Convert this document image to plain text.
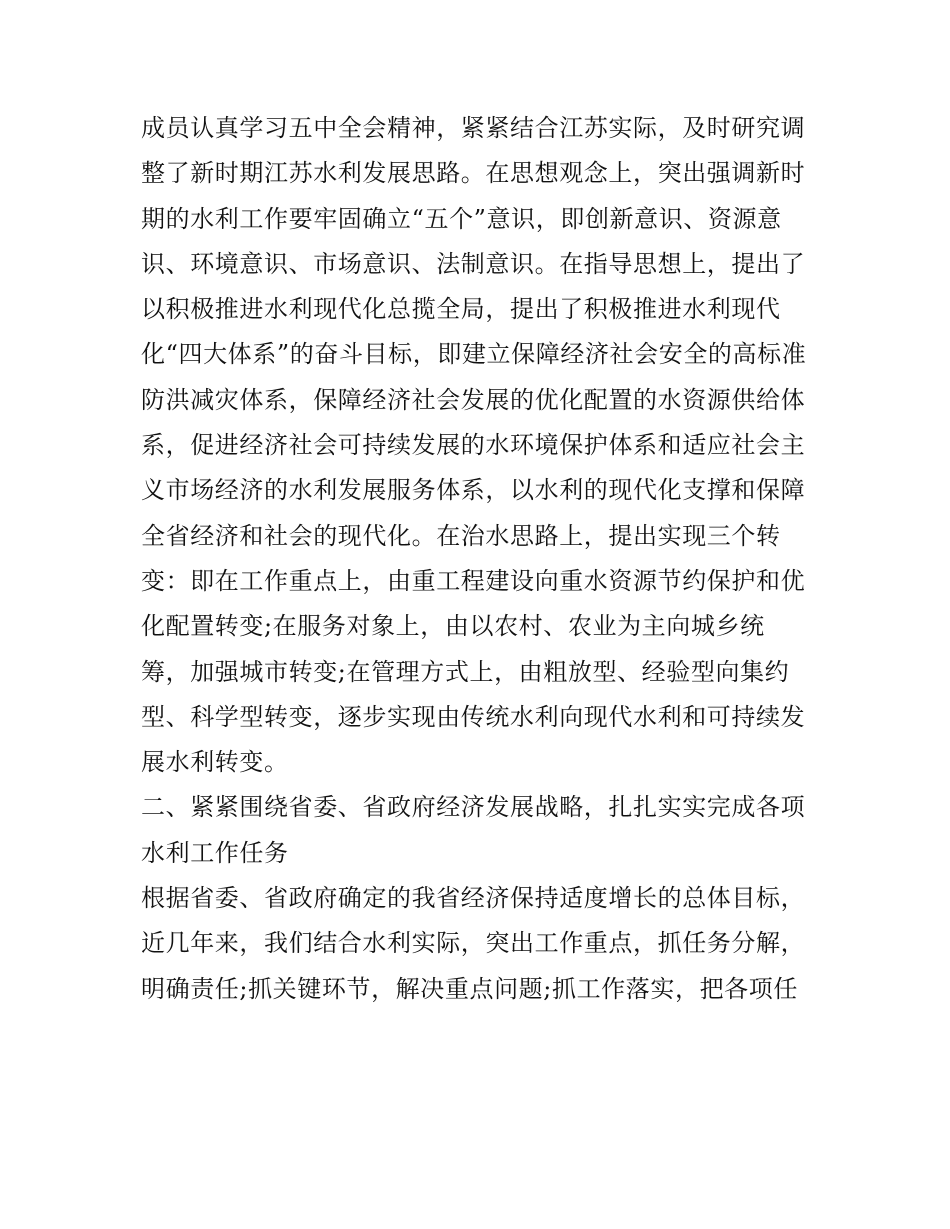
成员认真学习五中全会精神，紧紧结合江苏实际，及时研究调
整了新时期江苏水利发展思路。在思想观念上，突出强调新时
期的水利工作要牢固确立“五个”意识，即创新意识、资源意
识、环境意识、市场意识、法制意识。在指导思想上，提出了
以积极推进水利现代化总揽全局，提出了积极推进水利现代
化“四大体系”的奋斗目标，即建立保障经济社会安全的高标准
防洪减灾体系，保障经济社会发展的优化配置的水资源供给体
系，促进经济社会可持续发展的水环境保护体系和适应社会主
义市场经济的水利发展服务体系，以水利的现代化支撑和保障
全省经济和社会的现代化。在治水思路上，提出实现三个转
变：即在工作重点上，由重工程建设向重水资源节约保护和优
化配置转变;在服务对象上，由以农村、农业为主向城乡统
筹，加强城市转变;在管理方式上，由粗放型、经验型向集约
型、科学型转变，逐步实现由传统水利向现代水利和可持续发
展水利转变。
二、紧紧围绕省委、省政府经济发展战略，扎扎实实完成各项
水利工作任务
根据省委、省政府确定的我省经济保持适度增长的总体目标，
近几年来，我们结合水利实际，突出工作重点，抓任务分解，
明确责任;抓关键环节，解决重点问题;抓工作落实，把各项任
